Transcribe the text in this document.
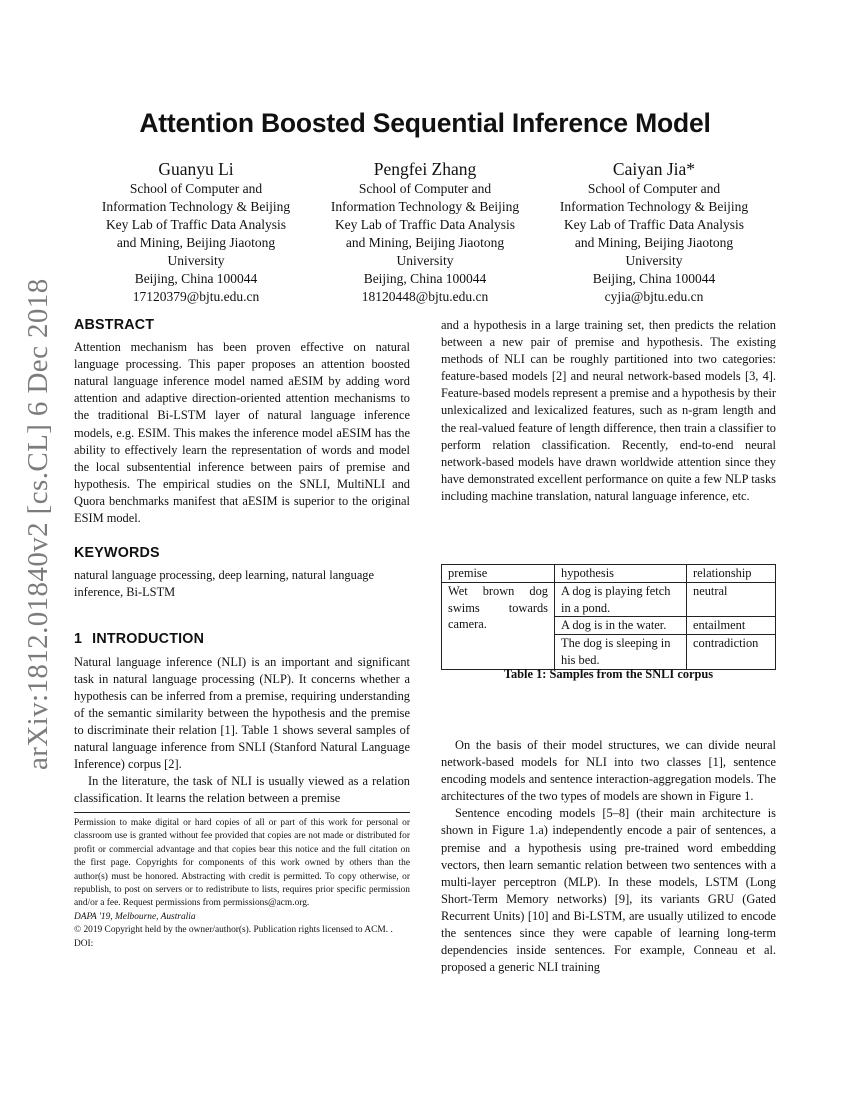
arXiv:1812.01840v2 [cs.CL] 6 Dec 2018
Attention Boosted Sequential Inference Model
Guanyu Li
School of Computer and
Information Technology & Beijing
Key Lab of Traffic Data Analysis
and Mining, Beijing Jiaotong
University
Beijing, China 100044
17120379@bjtu.edu.cn
Pengfei Zhang
School of Computer and
Information Technology & Beijing
Key Lab of Traffic Data Analysis
and Mining, Beijing Jiaotong
University
Beijing, China 100044
18120448@bjtu.edu.cn
Caiyan Jia*
School of Computer and
Information Technology & Beijing
Key Lab of Traffic Data Analysis
and Mining, Beijing Jiaotong
University
Beijing, China 100044
cyjia@bjtu.edu.cn
ABSTRACT

Attention mechanism has been proven effective on natural language processing. This paper proposes an attention boosted natural language inference model named aESIM by adding word attention and adaptive direction-oriented attention mechanisms to the traditional Bi-LSTM layer of natural language inference models, e.g. ESIM. This makes the inference model aESIM has the ability to effectively learn the representation of words and model the local subsentential inference between pairs of premise and hypothesis. The empirical studies on the SNLI, MultiNLI and Quora benchmarks manifest that aESIM is superior to the original ESIM model.

KEYWORDS

natural language processing, deep learning, natural language inference, Bi-LSTM

1 INTRODUCTION

Natural language inference (NLI) is an important and significant task in natural language processing (NLP). It concerns whether a hypothesis can be inferred from a premise, requiring understanding of the semantic similarity between the hypothesis and the premise to discriminate their relation [1]. Table 1 shows several samples of natural language inference from SNLI (Stanford Natural Language Inference) corpus [2].

In the literature, the task of NLI is usually viewed as a relation classification. It learns the relation between a premise

Permission to make digital or hard copies of all or part of this work for personal or classroom use is granted without fee provided that copies are not made or distributed for profit or commercial advantage and that copies bear this notice and the full citation on the first page. Copyrights for components of this work owned by others than the author(s) must be honored. Abstracting with credit is permitted. To copy otherwise, or republish, to post on servers or to redistribute to lists, requires prior specific permission and/or a fee. Request permissions from permissions@acm.org.

DAPA '19, Melbourne, Australia

© 2019 Copyright held by the owner/author(s). Publication rights licensed to ACM. .

DOI:

and a hypothesis in a large training set, then predicts the relation between a new pair of premise and hypothesis. The existing methods of NLI can be roughly partitioned into two categories: feature-based models [2] and neural network-based models [3, 4]. Feature-based models represent a premise and a hypothesis by their unlexicalized and lexicalized features, such as n-gram length and the real-valued feature of length difference, then train a classifier to perform relation classification. Recently, end-to-end neural network-based models have drawn worldwide attention since they have demonstrated excellent performance on quite a few NLP tasks including machine translation, natural language inference, etc.

premise	hypothesis	relationship
Wet brown dog swims towards camera.	A dog is playing fetch in a pond.	neutral
	A dog is in the water.	entailment
	The dog is sleeping in his bed.	contradiction
Table 1: Samples from the SNLI corpus

On the basis of their model structures, we can divide neural network-based models for NLI into two classes [1], sentence encoding models and sentence interaction-aggregation models. The architectures of the two types of models are shown in Figure 1.

Sentence encoding models [5–8] (their main architecture is shown in Figure 1.a) independently encode a pair of sentences, a premise and a hypothesis using pre-trained word embedding vectors, then learn semantic relation between two sentences with a multi-layer perceptron (MLP). In these models, LSTM (Long Short-Term Memory networks) [9], its variants GRU (Gated Recurrent Units) [10] and Bi-LSTM, are usually utilized to encode the sentences since they were capable of learning long-term dependencies inside sentences. For example, Conneau et al. proposed a generic NLI training
